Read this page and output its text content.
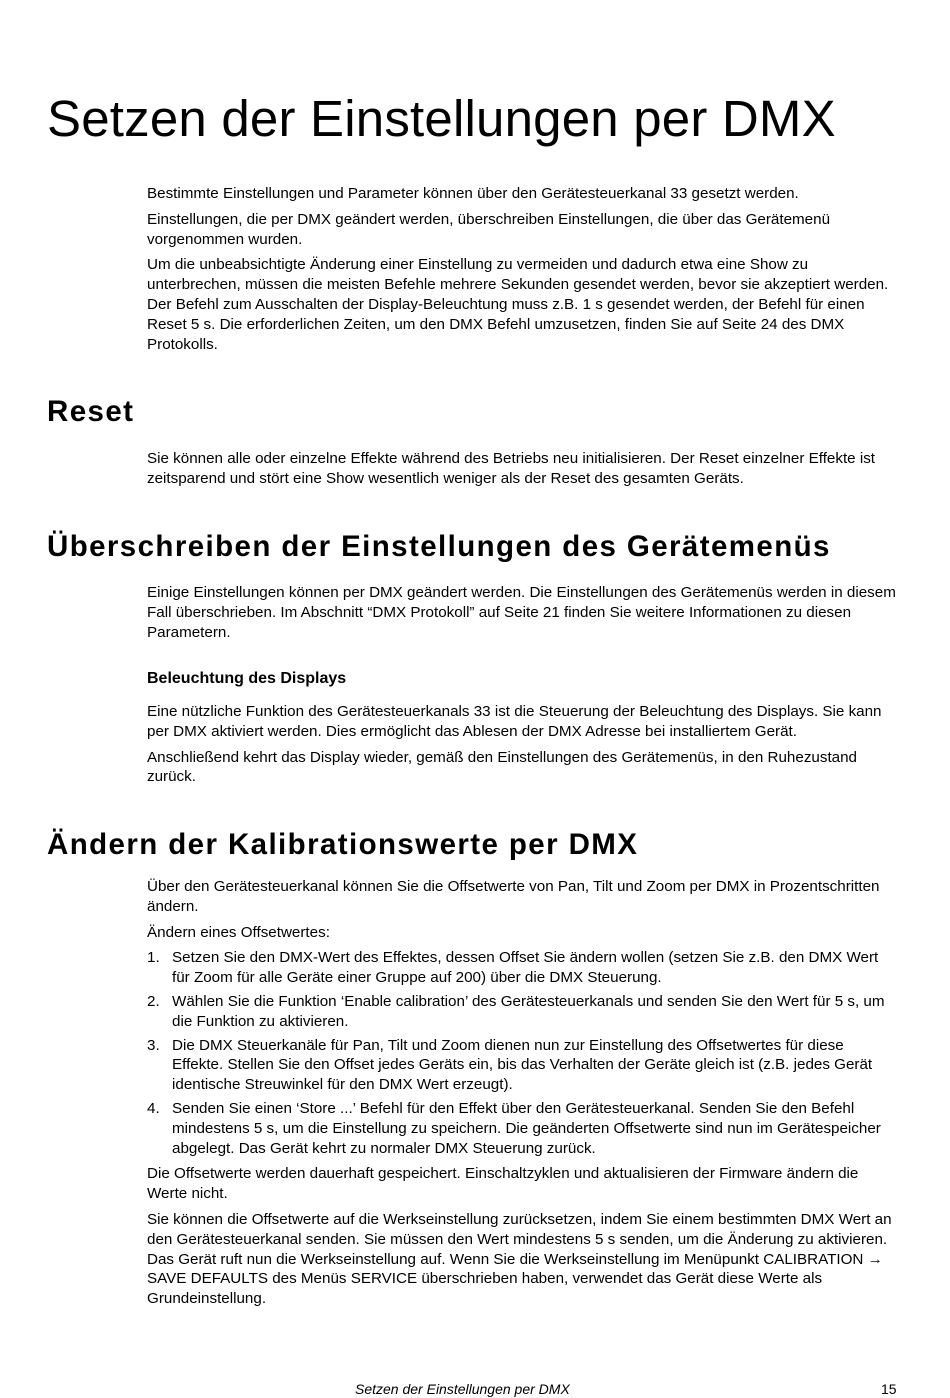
Setzen der Einstellungen per DMX

Bestimmte Einstellungen und Parameter können über den Gerätesteuerkanal 33 gesetzt werden.

Einstellungen, die per DMX geändert werden, überschreiben Einstellungen, die über das Gerätemenü vorgenommen wurden.

Um die unbeabsichtigte Änderung einer Einstellung zu vermeiden und dadurch etwa eine Show zu unterbrechen, müssen die meisten Befehle mehrere Sekunden gesendet werden, bevor sie akzeptiert werden. Der Befehl zum Ausschalten der Display-Beleuchtung muss z.B. 1 s gesendet werden, der Befehl für einen Reset 5 s. Die erforderlichen Zeiten, um den DMX Befehl umzusetzen, finden Sie auf Seite 24 des DMX Protokolls.

Reset

Sie können alle oder einzelne Effekte während des Betriebs neu initialisieren. Der Reset einzelner Effekte ist zeitsparend und stört eine Show wesentlich weniger als der Reset des gesamten Geräts.

Überschreiben der Einstellungen des Gerätemenüs

Einige Einstellungen können per DMX geändert werden. Die Einstellungen des Gerätemenüs werden in diesem Fall überschrieben. Im Abschnitt “DMX Protokoll” auf Seite 21 finden Sie weitere Informationen zu diesen Parametern.

Beleuchtung des Displays

Eine nützliche Funktion des Gerätesteuerkanals 33 ist die Steuerung der Beleuchtung des Displays. Sie kann per DMX aktiviert werden. Dies ermöglicht das Ablesen der DMX Adresse bei installiertem Gerät.

Anschließend kehrt das Display wieder, gemäß den Einstellungen des Gerätemenüs, in den Ruhezustand zurück.

Ändern der Kalibrationswerte per DMX

Über den Gerätesteuerkanal können Sie die Offsetwerte von Pan, Tilt und Zoom per DMX in Prozentschritten ändern.

Ändern eines Offsetwertes:

1. Setzen Sie den DMX-Wert des Effektes, dessen Offset Sie ändern wollen (setzen Sie z.B. den DMX Wert für Zoom für alle Geräte einer Gruppe auf 200) über die DMX Steuerung.
2. Wählen Sie die Funktion ‘Enable calibration’ des Gerätesteuerkanals und senden Sie den Wert für 5 s, um die Funktion zu aktivieren.
3. Die DMX Steuerkanäle für Pan, Tilt und Zoom dienen nun zur Einstellung des Offsetwertes für diese Effekte. Stellen Sie den Offset jedes Geräts ein, bis das Verhalten der Geräte gleich ist (z.B. jedes Gerät identische Streuwinkel für den DMX Wert erzeugt).
4. Senden Sie einen ‘Store ...’ Befehl für den Effekt über den Gerätesteuerkanal. Senden Sie den Befehl mindestens 5 s, um die Einstellung zu speichern. Die geänderten Offsetwerte sind nun im Gerätespeicher abgelegt. Das Gerät kehrt zu normaler DMX Steuerung zurück.

Die Offsetwerte werden dauerhaft gespeichert. Einschaltzyklen und aktualisieren der Firmware ändern die Werte nicht.

Sie können die Offsetwerte auf die Werkseinstellung zurücksetzen, indem Sie einem bestimmten DMX Wert an den Gerätesteuerkanal senden. Sie müssen den Wert mindestens 5 s senden, um die Änderung zu aktivieren. Das Gerät ruft nun die Werkseinstellung auf. Wenn Sie die Werkseinstellung im Menüpunkt CALIBRATION → SAVE DEFAULTS des Menüs SERVICE überschrieben haben, verwendet das Gerät diese Werte als Grundeinstellung.

Setzen der Einstellungen per DMX	15
